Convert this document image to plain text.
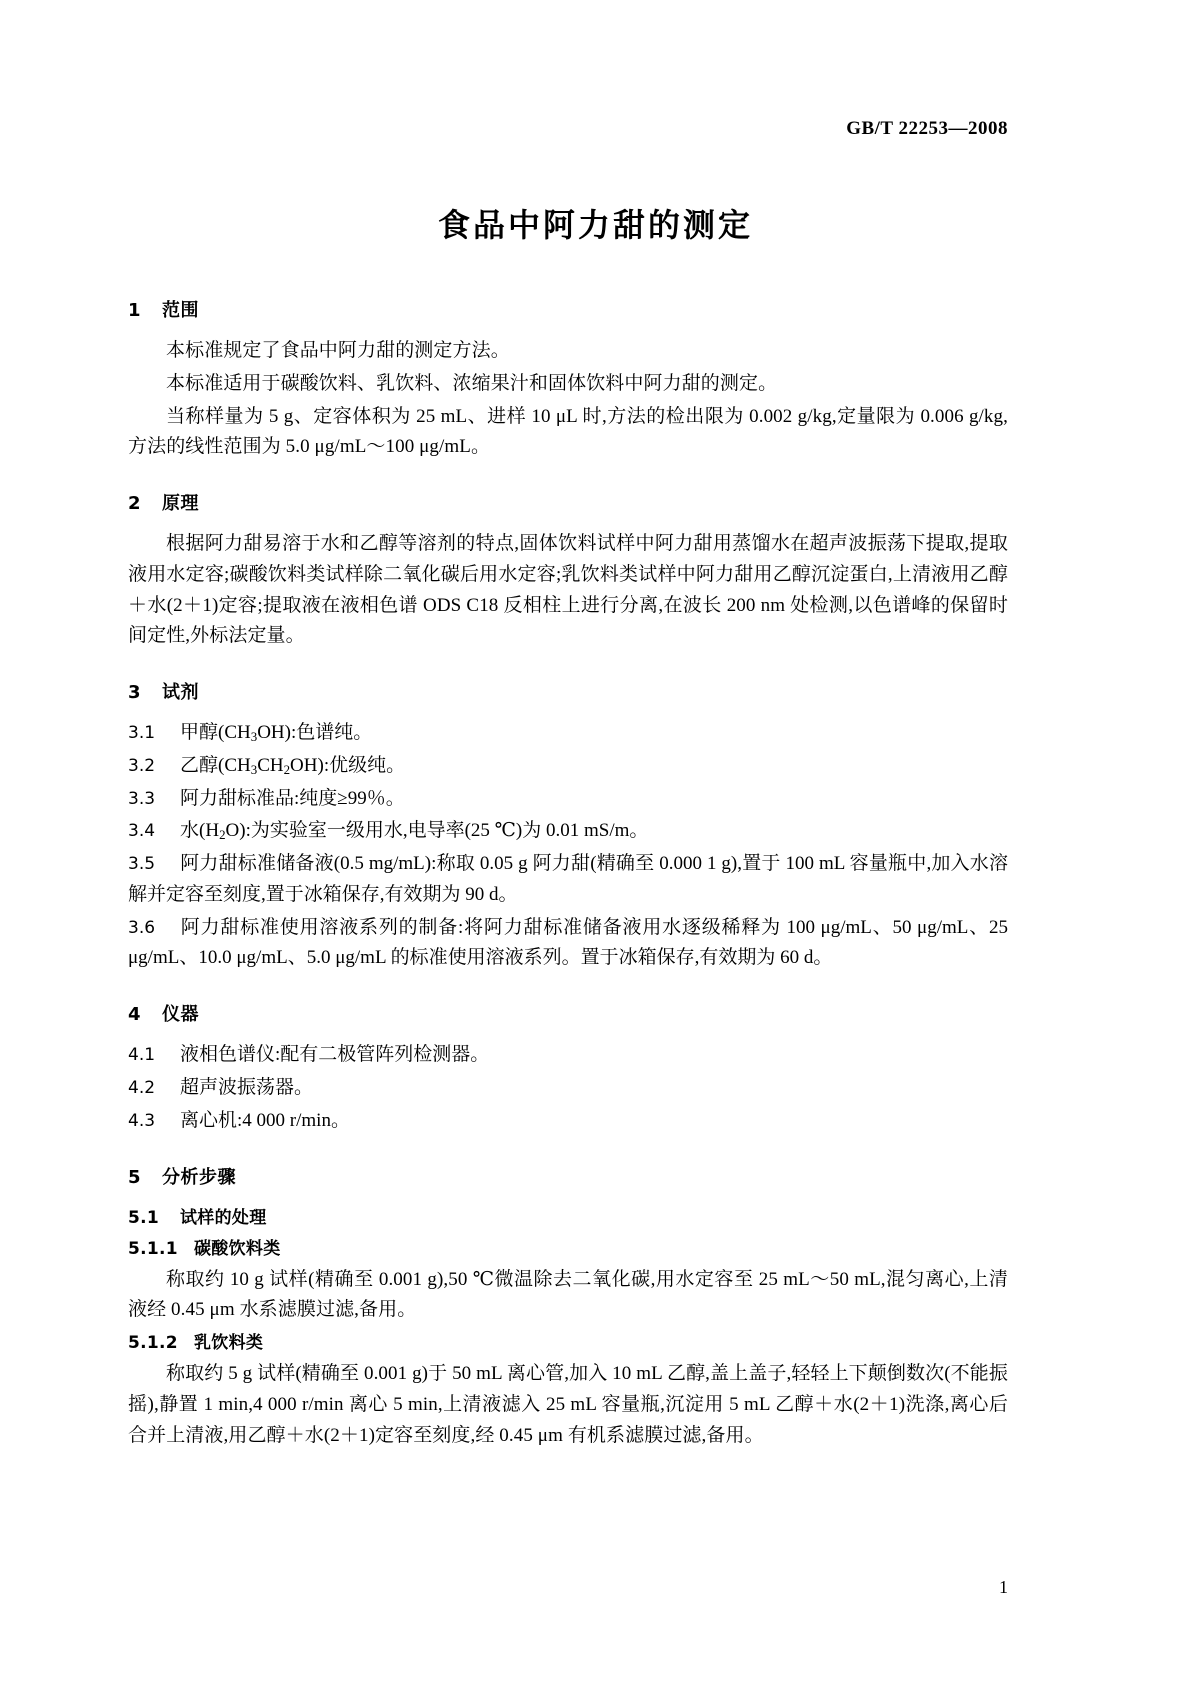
GB/T 22253—2008
食品中阿力甜的测定
1 范围

本标准规定了食品中阿力甜的测定方法。

本标准适用于碳酸饮料、乳饮料、浓缩果汁和固体饮料中阿力甜的测定。

当称样量为 5 g、定容体积为 25 mL、进样 10 μL 时,方法的检出限为 0.002 g/kg,定量限为 0.006 g/kg,方法的线性范围为 5.0 μg/mL～100 μg/mL。

2 原理

根据阿力甜易溶于水和乙醇等溶剂的特点,固体饮料试样中阿力甜用蒸馏水在超声波振荡下提取,提取液用水定容;碳酸饮料类试样除二氧化碳后用水定容;乳饮料类试样中阿力甜用乙醇沉淀蛋白,上清液用乙醇＋水(2＋1)定容;提取液在液相色谱 ODS C18 反相柱上进行分离,在波长 200 nm 处检测,以色谱峰的保留时间定性,外标法定量。

3 试剂

3.1 甲醇$(CH_3OH)$:色谱纯。

3.2 乙醇$(CH_3CH_2OH)$:优级纯。

3.3 阿力甜标准品:纯度≥99％。

3.4 水$(H_2O)$:为实验室一级用水,电导率(25 ℃)为 0.01 mS/m。

3.5 阿力甜标准储备液(0.5 mg/mL):称取 0.05 g 阿力甜(精确至 0.000 1 g),置于 100 mL 容量瓶中,加入水溶解并定容至刻度,置于冰箱保存,有效期为 90 d。

3.6 阿力甜标准使用溶液系列的制备:将阿力甜标准储备液用水逐级稀释为 100 μg/mL、50 μg/mL、25 μg/mL、10.0 μg/mL、5.0 μg/mL 的标准使用溶液系列。置于冰箱保存,有效期为 60 d。

4 仪器

4.1 液相色谱仪:配有二极管阵列检测器。

4.2 超声波振荡器。

4.3 离心机:4 000 r/min。

5 分析步骤
5.1 试样的处理
5.1.1 碳酸饮料类

称取约 10 g 试样(精确至 0.001 g),50 ℃微温除去二氧化碳,用水定容至 25 mL～50 mL,混匀离心,上清液经 0.45 μm 水系滤膜过滤,备用。

5.1.2 乳饮料类

称取约 5 g 试样(精确至 0.001 g)于 50 mL 离心管,加入 10 mL 乙醇,盖上盖子,轻轻上下颠倒数次(不能振摇),静置 1 min,4 000 r/min 离心 5 min,上清液滤入 25 mL 容量瓶,沉淀用 5 mL 乙醇＋水(2＋1)洗涤,离心后合并上清液,用乙醇＋水(2＋1)定容至刻度,经 0.45 μm 有机系滤膜过滤,备用。

1
